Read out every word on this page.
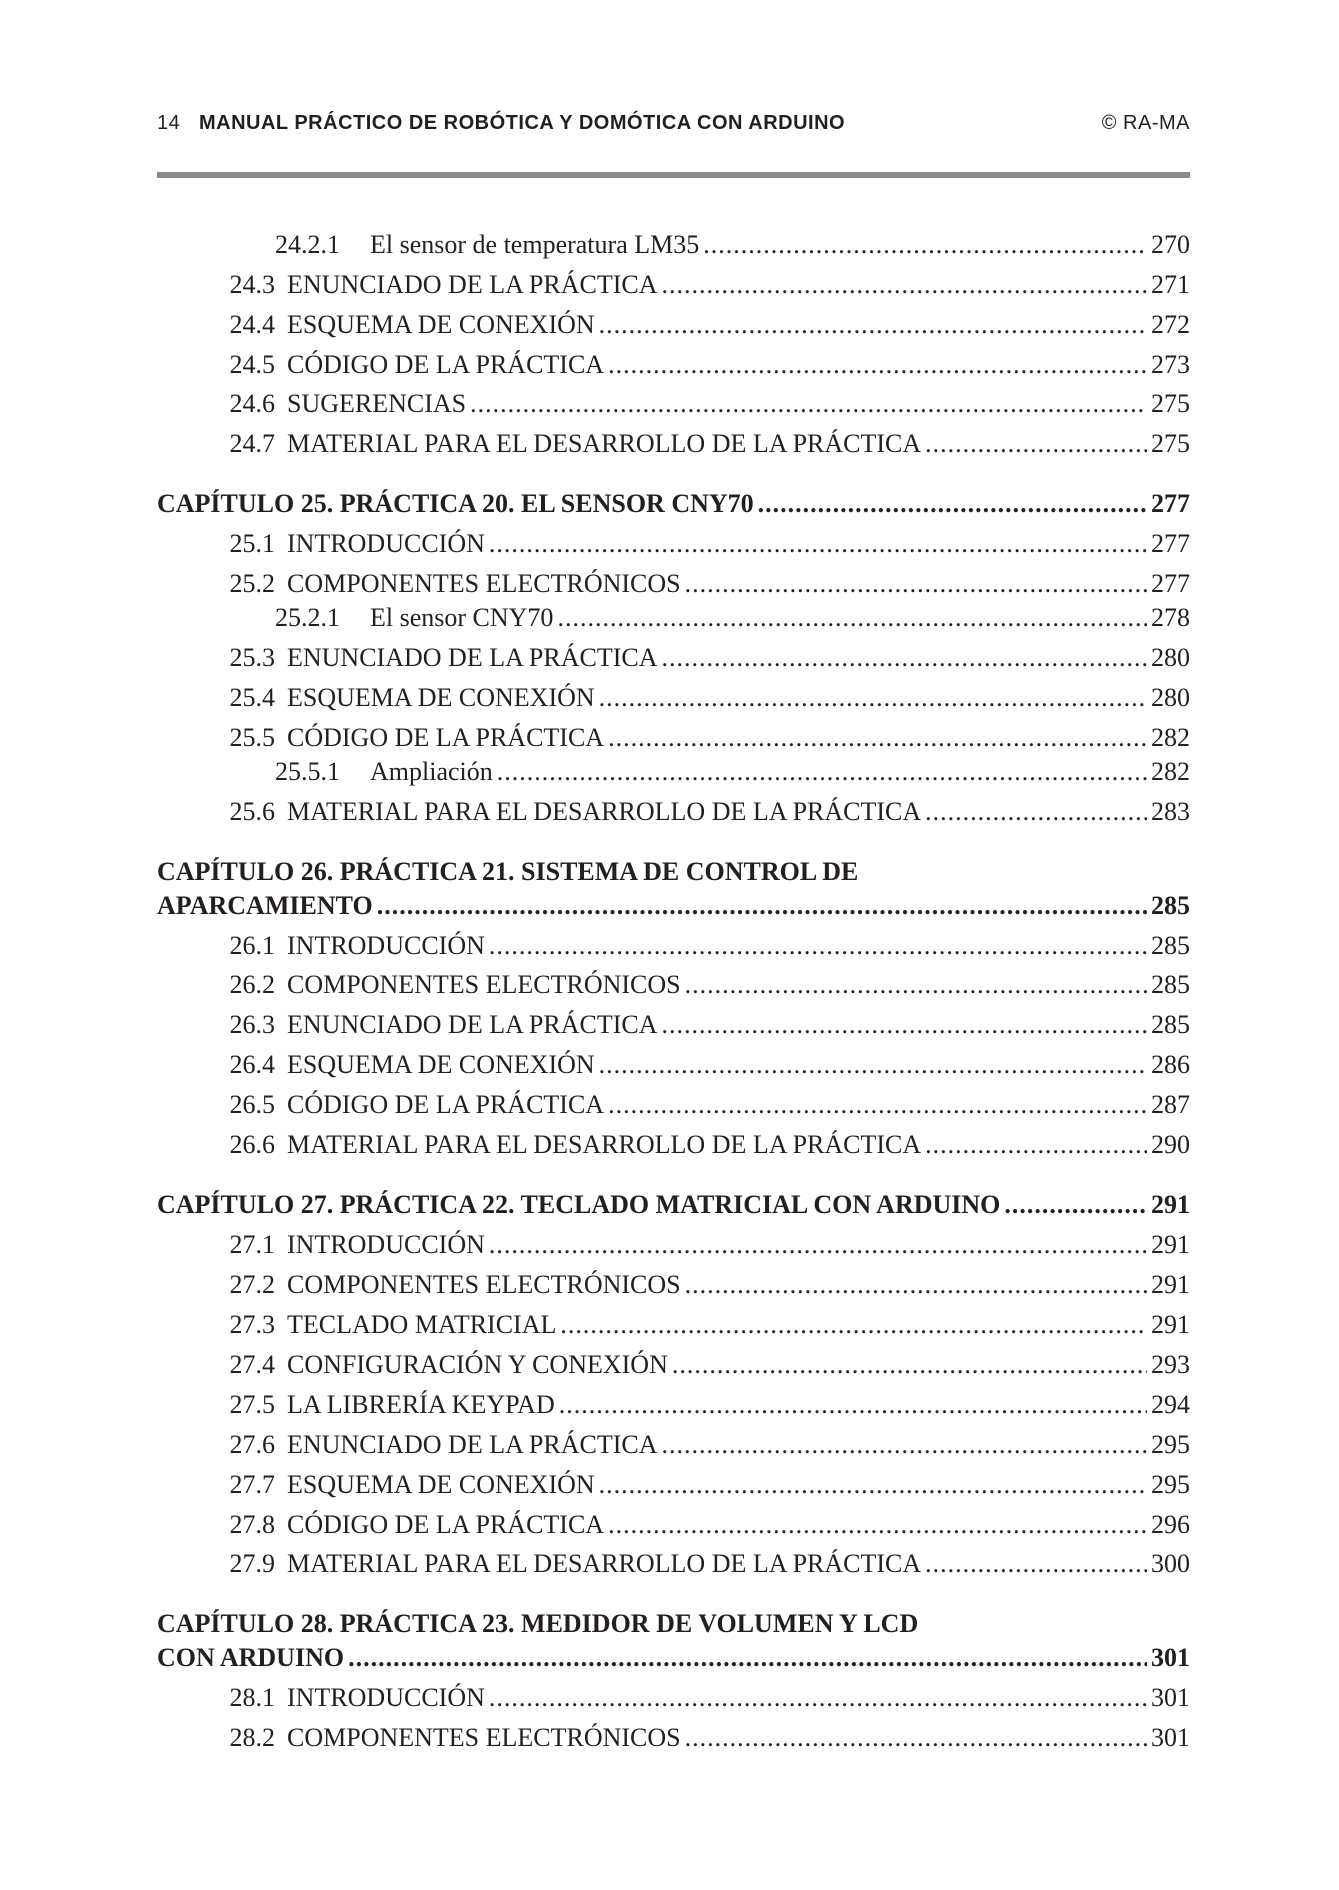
14 MANUAL PRÁCTICO DE ROBÓTICA Y DOMÓTICA CON ARDUINO	© RA-MA
24.2.1	El sensor de temperatura LM35 .....	270
24.3 ENUNCIADO DE LA PRÁCTICA .....	271
24.4 ESQUEMA DE CONEXIÓN .....	272
24.5 CÓDIGO DE LA PRÁCTICA .....	273
24.6 SUGERENCIAS .....	275
24.7 MATERIAL PARA EL DESARROLLO DE LA PRÁCTICA .....	275
CAPÍTULO 25. PRÁCTICA 20. EL SENSOR CNY70 .....	277
25.1 INTRODUCCIÓN .....	277
25.2 COMPONENTES ELECTRÓNICOS .....	277
25.2.1	El sensor CNY70 .....	278
25.3 ENUNCIADO DE LA PRÁCTICA .....	280
25.4 ESQUEMA DE CONEXIÓN .....	280
25.5 CÓDIGO DE LA PRÁCTICA .....	282
25.5.1	Ampliación .....	282
25.6 MATERIAL PARA EL DESARROLLO DE LA PRÁCTICA .....	283
CAPÍTULO 26. PRÁCTICA 21. SISTEMA DE CONTROL DE
APARCAMIENTO .....	285
26.1 INTRODUCCIÓN .....	285
26.2 COMPONENTES ELECTRÓNICOS .....	285
26.3 ENUNCIADO DE LA PRÁCTICA .....	285
26.4 ESQUEMA DE CONEXIÓN .....	286
26.5 CÓDIGO DE LA PRÁCTICA .....	287
26.6 MATERIAL PARA EL DESARROLLO DE LA PRÁCTICA .....	290
CAPÍTULO 27. PRÁCTICA 22. TECLADO MATRICIAL CON ARDUINO .....	291
27.1 INTRODUCCIÓN .....	291
27.2 COMPONENTES ELECTRÓNICOS .....	291
27.3 TECLADO MATRICIAL .....	291
27.4 CONFIGURACIÓN Y CONEXIÓN .....	293
27.5 LA LIBRERÍA KEYPAD .....	294
27.6 ENUNCIADO DE LA PRÁCTICA .....	295
27.7 ESQUEMA DE CONEXIÓN .....	295
27.8 CÓDIGO DE LA PRÁCTICA .....	296
27.9 MATERIAL PARA EL DESARROLLO DE LA PRÁCTICA .....	300
CAPÍTULO 28. PRÁCTICA 23. MEDIDOR DE VOLUMEN Y LCD
CON ARDUINO .....	301
28.1 INTRODUCCIÓN .....	301
28.2 COMPONENTES ELECTRÓNICOS .....	301
